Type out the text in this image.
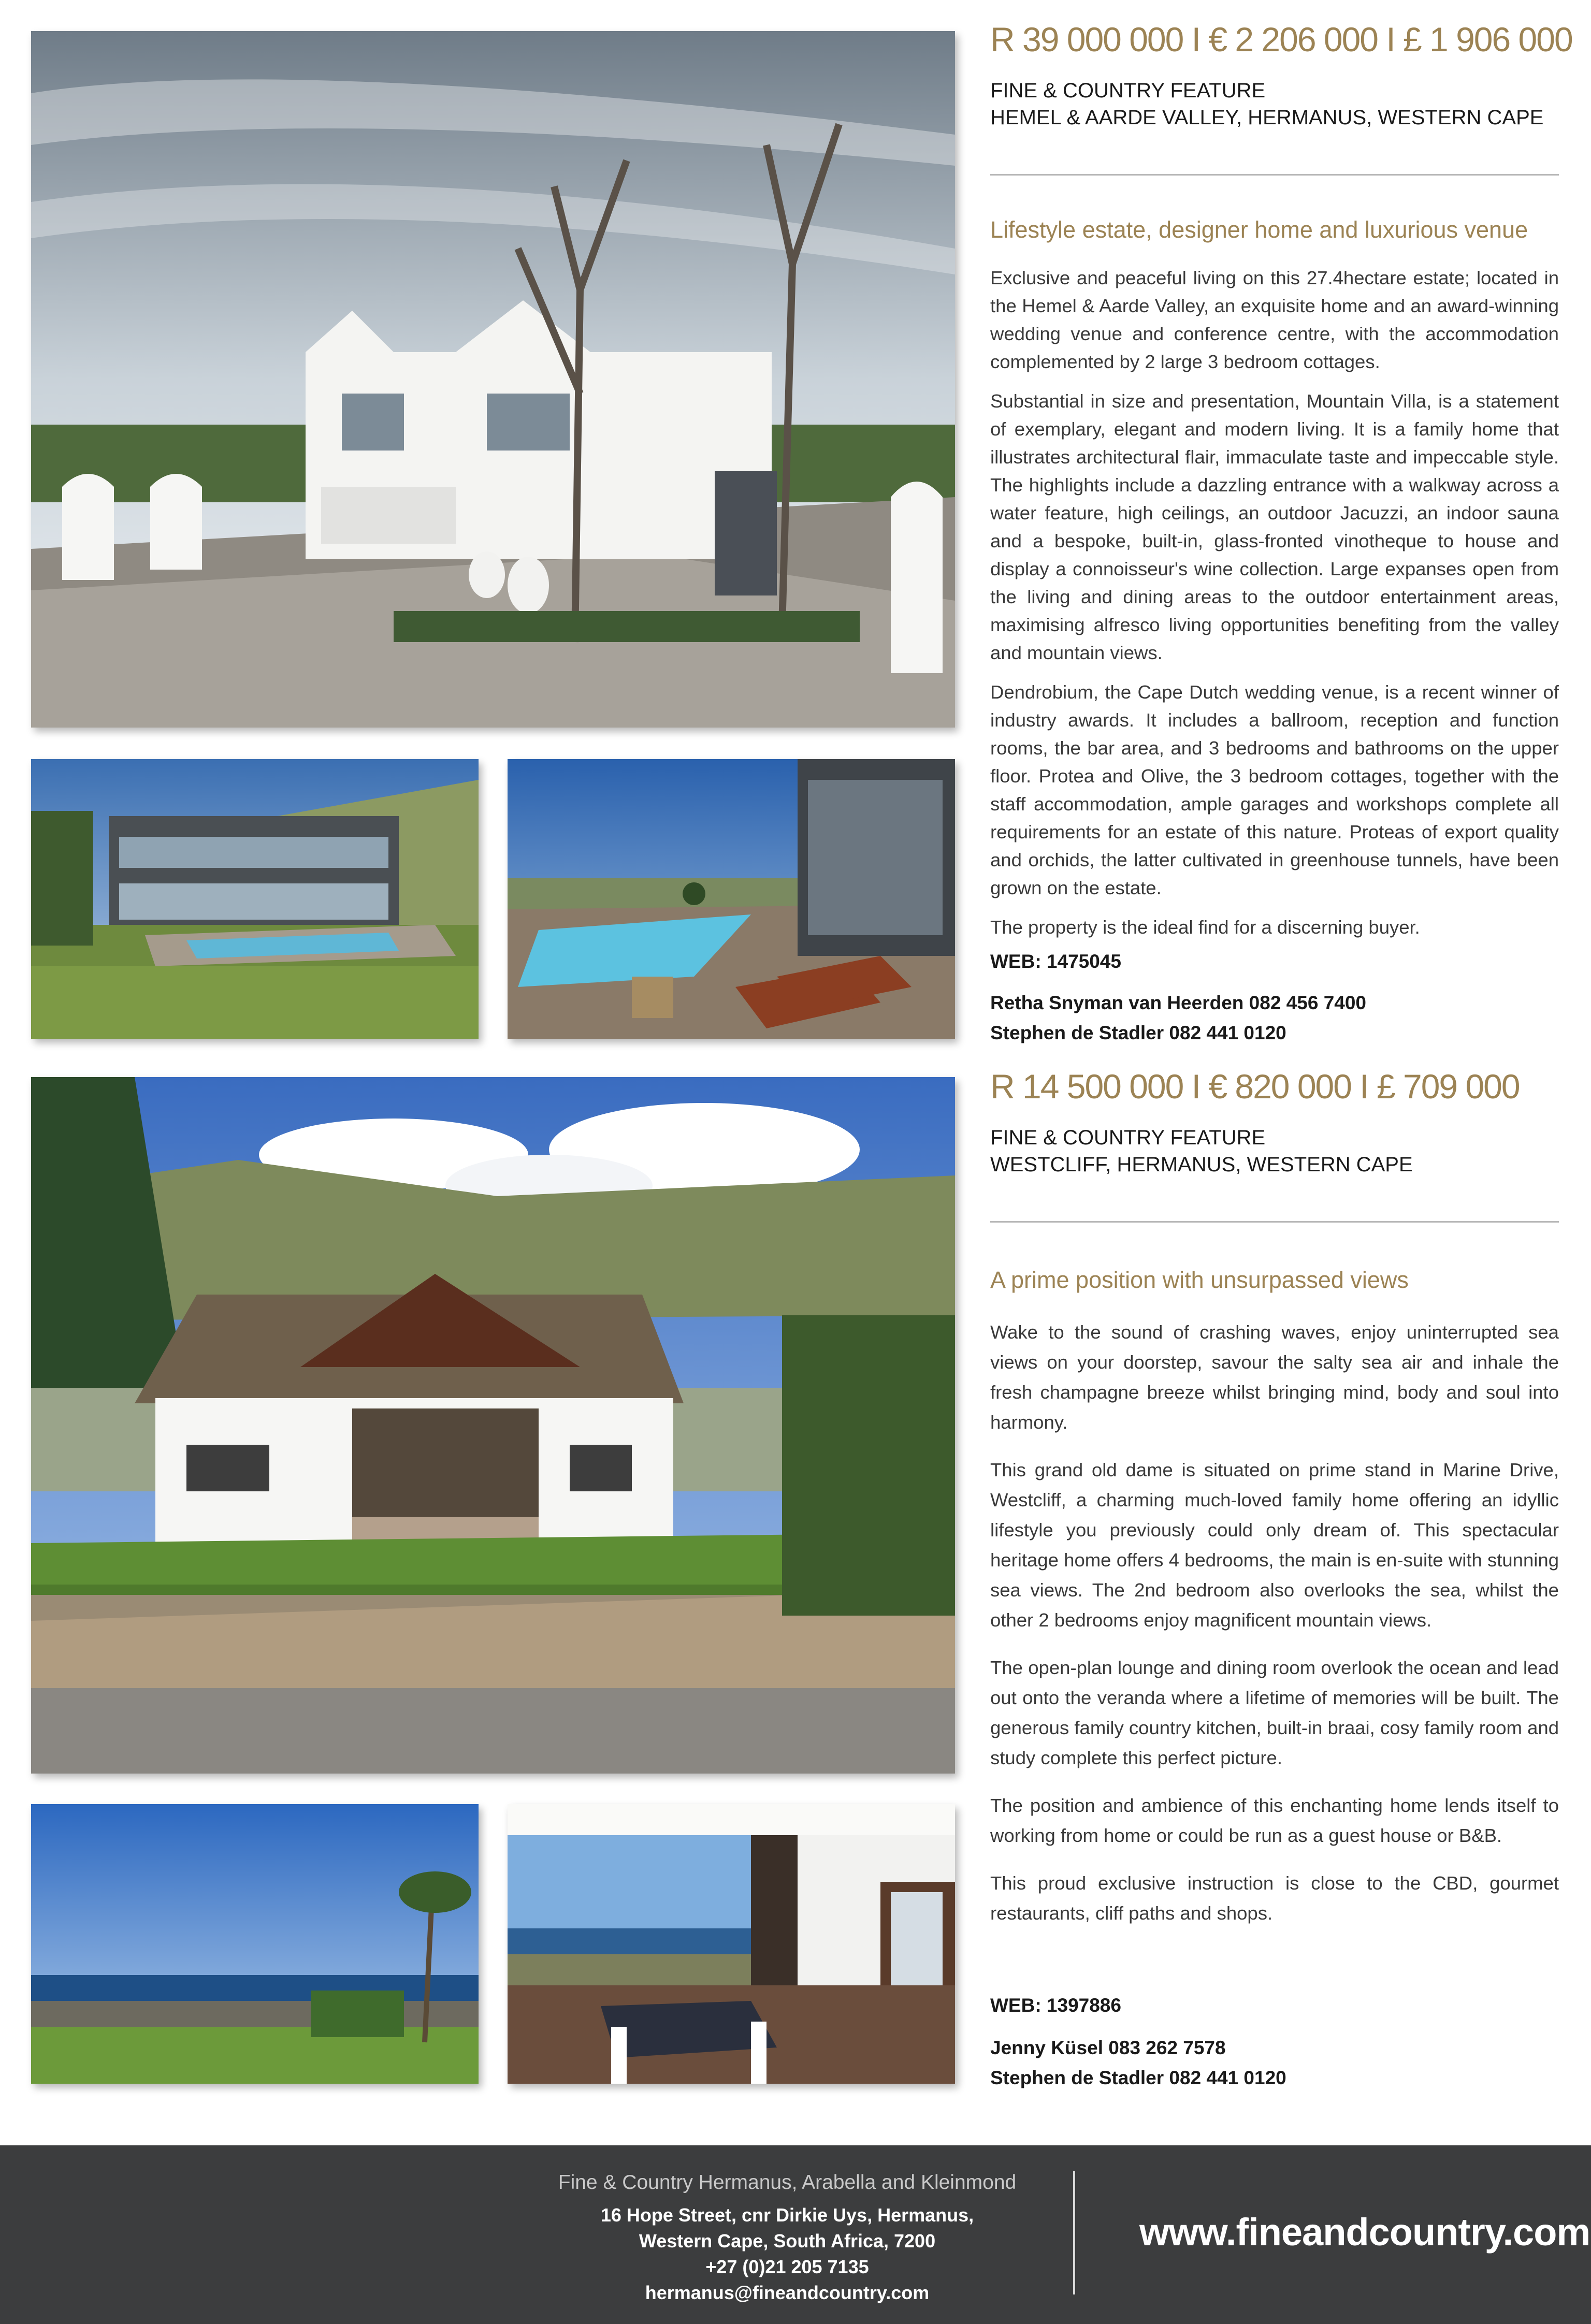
R 39 000 000 I € 2 206 000 I £ 1 906 000
FINE & COUNTRY FEATURE
HEMEL & AARDE VALLEY, HERMANUS, WESTERN CAPE
Lifestyle estate, designer home and luxurious venue

Exclusive and peaceful living on this 27.4hectare estate; located in the Hemel & Aarde Valley, an exquisite home and an award-winning wedding venue and conference centre, with the accommodation complemented by 2 large 3 bedroom cottages.

Substantial in size and presentation, Mountain Villa, is a statement of exemplary, elegant and modern living. It is a family home that illustrates architectural flair, immaculate taste and impeccable style. The highlights include a dazzling entrance with a walkway across a water feature, high ceilings, an outdoor Jacuzzi, an indoor sauna and a bespoke, built-in, glass-fronted vinotheque to house and display a connoisseur's wine collection. Large expanses open from the living and dining areas to the outdoor entertainment areas, maximising alfresco living opportunities benefiting from the valley and mountain views.

Dendrobium, the Cape Dutch wedding venue, is a recent winner of industry awards. It includes a ballroom, reception and function rooms, the bar area, and 3 bedrooms and bathrooms on the upper floor. Protea and Olive, the 3 bedroom cottages, together with the staff accommodation, ample garages and workshops complete all requirements for an estate of this nature. Proteas of export quality and orchids, the latter cultivated in greenhouse tunnels, have been grown on the estate.

The property is the ideal find for a discerning buyer.

WEB: 1475045
Retha Snyman van Heerden 082 456 7400
Stephen de Stadler 082 441 0120
R 14 500 000 I € 820 000 I £ 709 000
FINE & COUNTRY FEATURE
WESTCLIFF, HERMANUS, WESTERN CAPE
A prime position with unsurpassed views

Wake to the sound of crashing waves, enjoy uninterrupted sea views on your doorstep, savour the salty sea air and inhale the fresh champagne breeze whilst bringing mind, body and soul into harmony.

This grand old dame is situated on prime stand in Marine Drive, Westcliff, a charming much-loved family home offering an idyllic lifestyle you previously could only dream of. This spectacular heritage home offers 4 bedrooms, the main is en-suite with stunning sea views. The 2nd bedroom also overlooks the sea, whilst the other 2 bedrooms enjoy magnificent mountain views.

The open-plan lounge and dining room overlook the ocean and lead out onto the veranda where a lifetime of memories will be built. The generous family country kitchen, built-in braai, cosy family room and study complete this perfect picture.

The position and ambience of this enchanting home lends itself to working from home or could be run as a guest house or B&B.

This proud exclusive instruction is close to the CBD, gourmet restaurants, cliff paths and shops.

WEB: 1397886
Jenny Küsel 083 262 7578
Stephen de Stadler 082 441 0120
Fine & Country Hermanus, Arabella and Kleinmond
16 Hope Street, cnr Dirkie Uys, Hermanus,
Western Cape, South Africa, 7200
+27 (0)21 205 7135
hermanus@fineandcountry.com
www.fineandcountry.com
